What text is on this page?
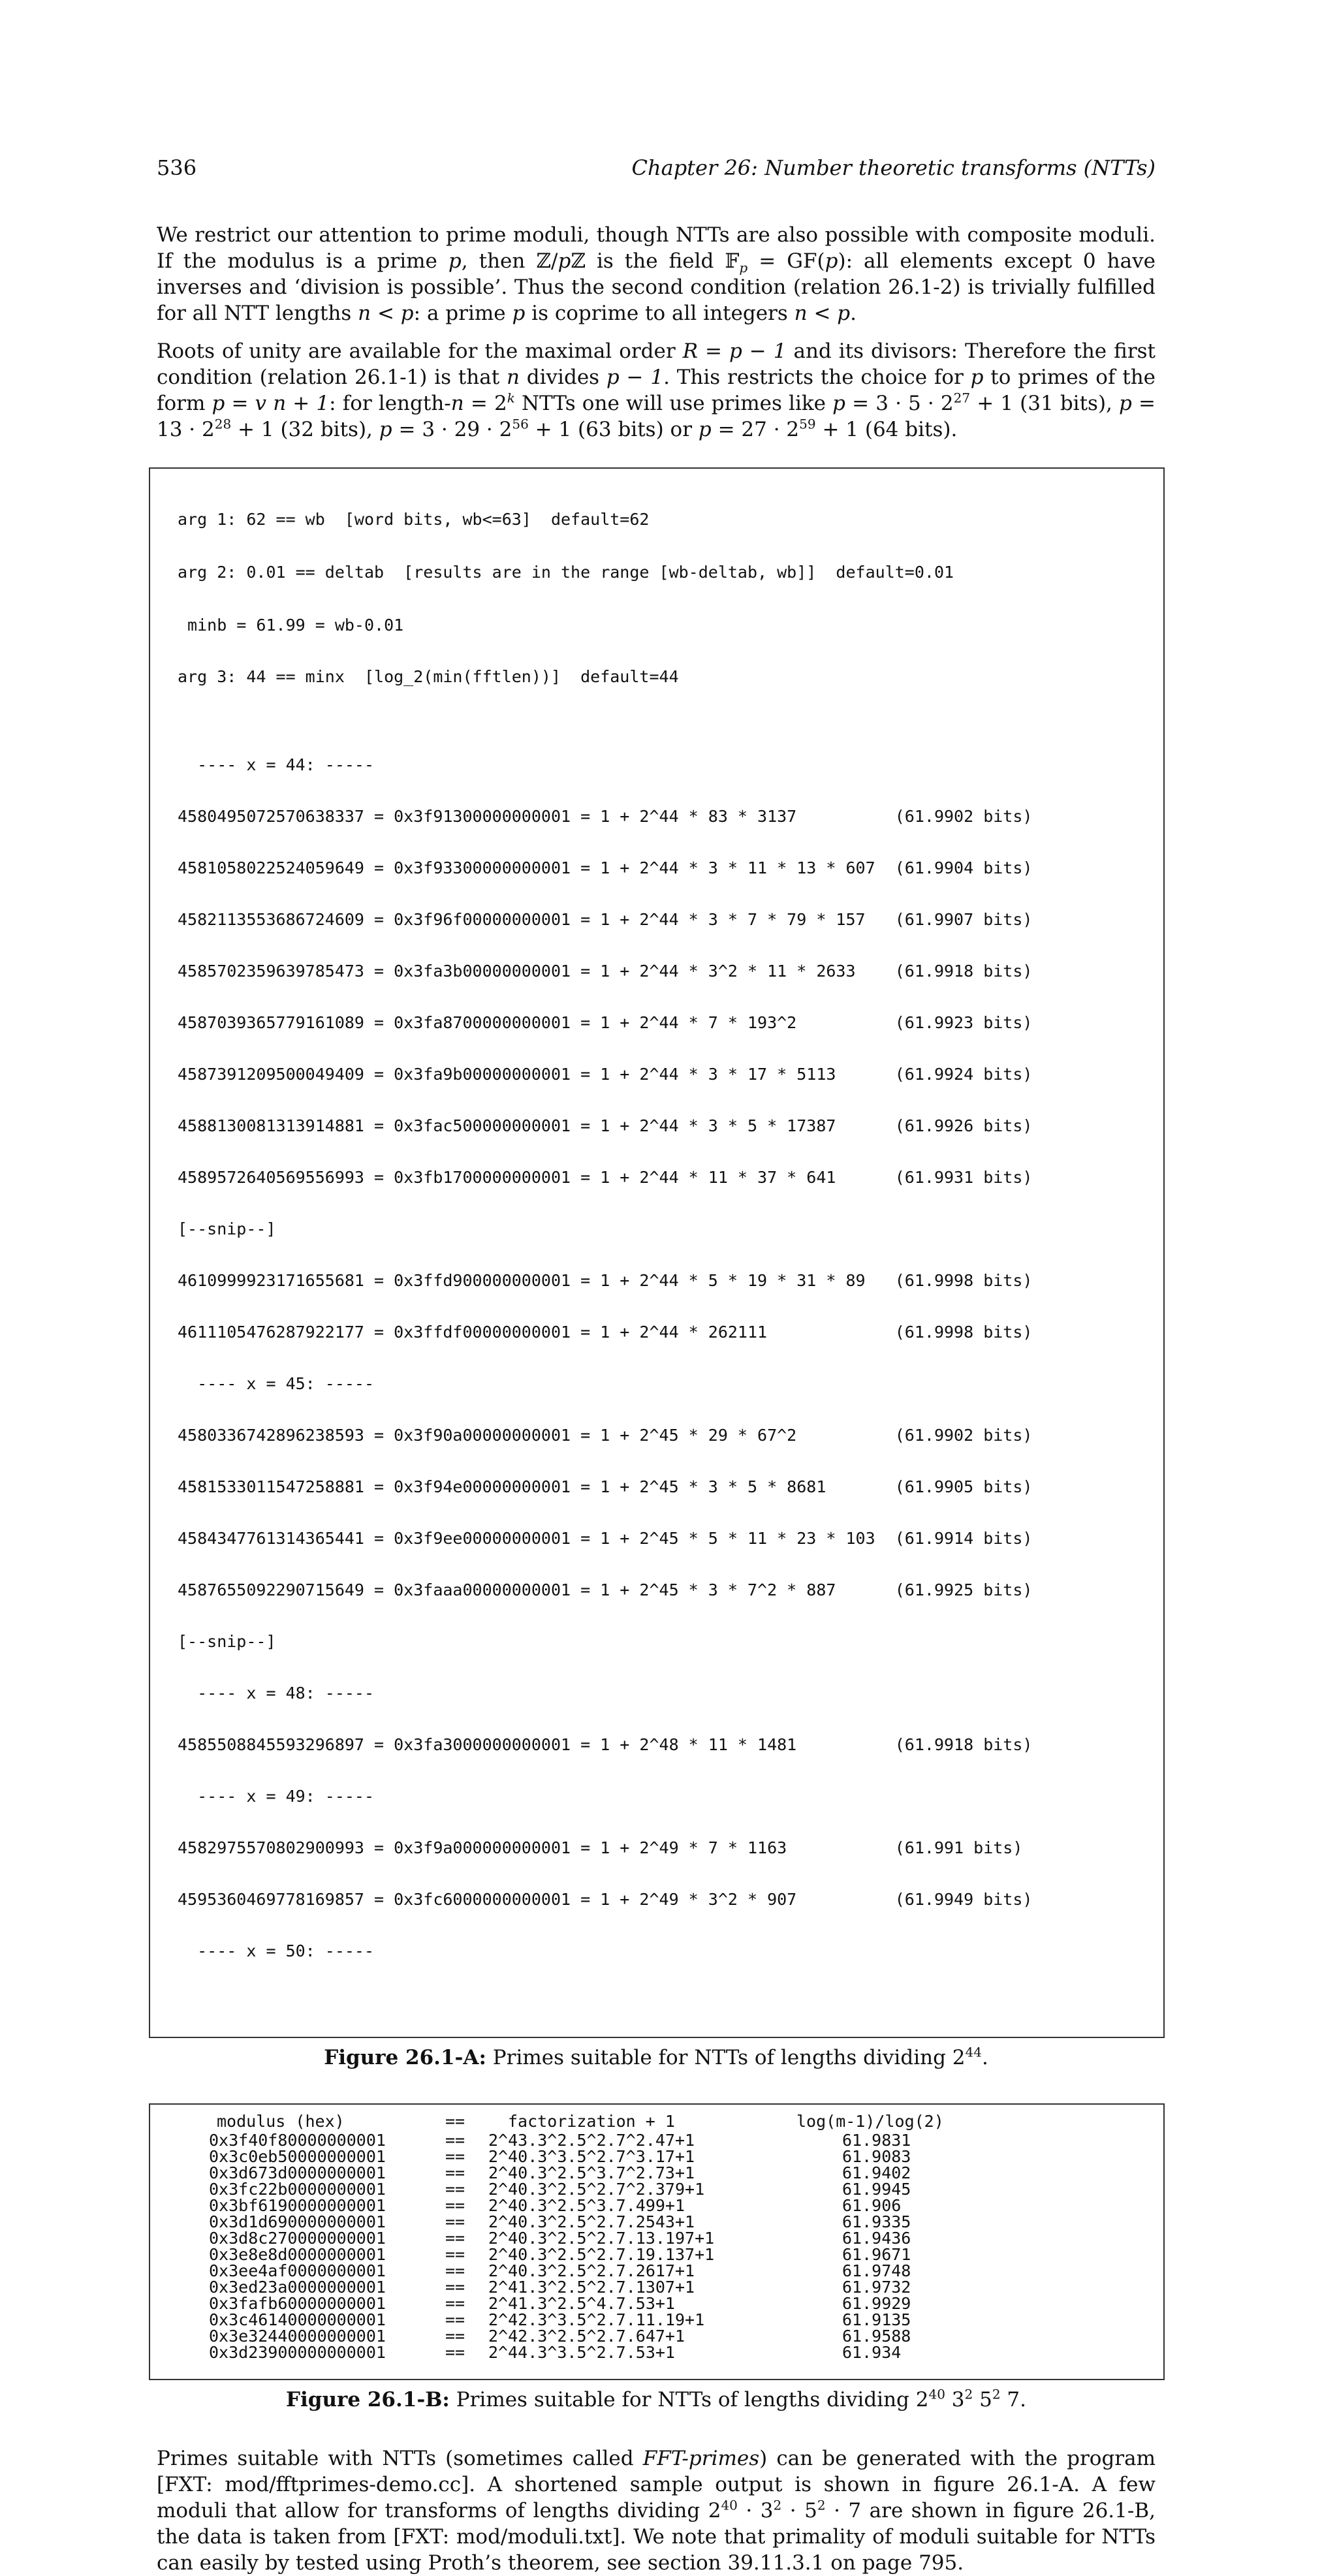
536	Chapter 26: Number theoretic transforms (NTTs)

We restrict our attention to prime moduli, though NTTs are also possible with composite moduli. If the modulus is a prime p, then ℤ/pℤ is the field 𝔽$_p$ = GF(p): all elements except 0 have inverses and ‘division is possible’. Thus the second condition (relation 26.1-2) is trivially fulfilled for all NTT lengths n < p: a prime p is coprime to all integers n < p.

Roots of unity are available for the maximal order R = p − 1 and its divisors: Therefore the first condition (relation 26.1-1) is that n divides p − 1. This restricts the choice for p to primes of the form p = v n + 1: for length-n = $2^k$ NTTs one will use primes like $p = 3 \cdot 5 \cdot 2^{27} + 1$ (31 bits), $p = 13 \cdot 2^{28} + 1$ (32 bits), $p = 3 \cdot 29 \cdot 2^{56} + 1$ (63 bits) or $p = 27 \cdot 2^{59} + 1$ (64 bits).

arg 1: 62 == wb  [word bits, wb<=63]  default=62

arg 2: 0.01 == deltab  [results are in the range [wb-deltab, wb]]  default=0.01

minb = 61.99 = wb-0.01

arg 3: 44 == minx  [log_2(min(fftlen))]  default=44

---- x = 44: -----

4580495072570638337 = 0x3f91300000000001 = 1 + 2^44 * 83 * 3137          (61.9902 bits)

4581058022524059649 = 0x3f93300000000001 = 1 + 2^44 * 3 * 11 * 13 * 607  (61.9904 bits)

4582113553686724609 = 0x3f96f00000000001 = 1 + 2^44 * 3 * 7 * 79 * 157   (61.9907 bits)

4585702359639785473 = 0x3fa3b00000000001 = 1 + 2^44 * 3^2 * 11 * 2633    (61.9918 bits)

4587039365779161089 = 0x3fa8700000000001 = 1 + 2^44 * 7 * 193^2          (61.9923 bits)

4587391209500049409 = 0x3fa9b00000000001 = 1 + 2^44 * 3 * 17 * 5113      (61.9924 bits)

4588130081313914881 = 0x3fac500000000001 = 1 + 2^44 * 3 * 5 * 17387      (61.9926 bits)

4589572640569556993 = 0x3fb1700000000001 = 1 + 2^44 * 11 * 37 * 641      (61.9931 bits)

[--snip--]

4610999923171655681 = 0x3ffd900000000001 = 1 + 2^44 * 5 * 19 * 31 * 89   (61.9998 bits)

4611105476287922177 = 0x3ffdf00000000001 = 1 + 2^44 * 262111             (61.9998 bits)

---- x = 45: -----

4580336742896238593 = 0x3f90a00000000001 = 1 + 2^45 * 29 * 67^2          (61.9902 bits)

4581533011547258881 = 0x3f94e00000000001 = 1 + 2^45 * 3 * 5 * 8681       (61.9905 bits)

4584347761314365441 = 0x3f9ee00000000001 = 1 + 2^45 * 5 * 11 * 23 * 103  (61.9914 bits)

4587655092290715649 = 0x3faaa00000000001 = 1 + 2^45 * 3 * 7^2 * 887      (61.9925 bits)

[--snip--]

---- x = 48: -----

4585508845593296897 = 0x3fa3000000000001 = 1 + 2^48 * 11 * 1481          (61.9918 bits)

---- x = 49: -----

4582975570802900993 = 0x3f9a000000000001 = 1 + 2^49 * 7 * 1163           (61.991 bits)

4595360469778169857 = 0x3fc6000000000001 = 1 + 2^49 * 3^2 * 907          (61.9949 bits)

---- x = 50: -----

Figure 26.1-A: Primes suitable for NTTs of lengths dividing $2^{44}$.
modulus (hex)	==	factorization + 1	log(m-1)/log(2)
0x3f40f80000000001	==	2^43.3^2.5^2.7^2.47+1	61.9831
0x3c0eb50000000001	==	2^40.3^3.5^2.7^3.17+1	61.9083
0x3d673d0000000001	==	2^40.3^2.5^3.7^2.73+1	61.9402
0x3fc22b0000000001	==	2^40.3^2.5^2.7^2.379+1	61.9945
0x3bf6190000000001	==	2^40.3^2.5^3.7.499+1	61.906
0x3d1d690000000001	==	2^40.3^2.5^2.7.2543+1	61.9335
0x3d8c270000000001	==	2^40.3^2.5^2.7.13.197+1	61.9436
0x3e8e8d0000000001	==	2^40.3^2.5^2.7.19.137+1	61.9671
0x3ee4af0000000001	==	2^40.3^2.5^2.7.2617+1	61.9748
0x3ed23a0000000001	==	2^41.3^2.5^2.7.1307+1	61.9732
0x3fafb60000000001	==	2^41.3^2.5^4.7.53+1	61.9929
0x3c46140000000001	==	2^42.3^3.5^2.7.11.19+1	61.9135
0x3e32440000000001	==	2^42.3^2.5^2.7.647+1	61.9588
0x3d23900000000001	==	2^44.3^3.5^2.7.53+1	61.934
Figure 26.1-B: Primes suitable for NTTs of lengths dividing $2^{40}$ $3^2$ $5^2$ 7.

Primes suitable with NTTs (sometimes called FFT-primes) can be generated with the program [FXT: mod/fftprimes-demo.cc]. A shortened sample output is shown in figure 26.1-A. A few moduli that allow for transforms of lengths dividing $2^{40} \cdot 3^2 \cdot 5^2 \cdot 7$ are shown in figure 26.1-B, the data is taken from [FXT: mod/moduli.txt]. We note that primality of moduli suitable for NTTs can easily by tested using Proth’s theorem, see section 39.11.3.1 on page 795.
